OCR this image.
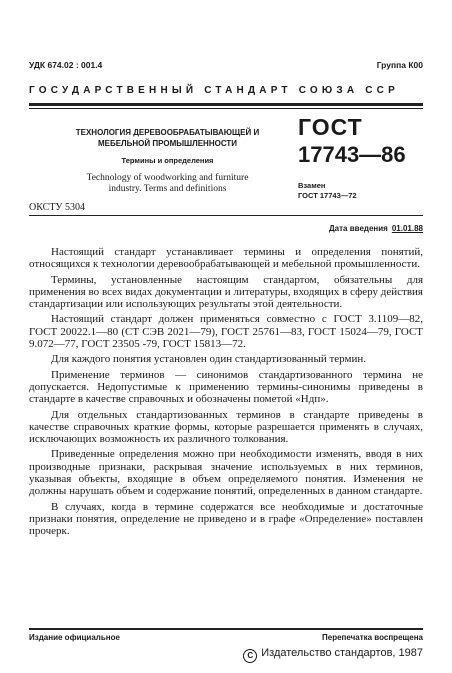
УДК 674.02 : 001.4	Группа К00
ГОСУДАРСТВЕННЫЙ СТАНДАРТ СОЮЗА ССР
ТЕХНОЛОГИЯ ДЕРЕВООБРАБАТЫВАЮЩЕЙ И
МЕБЕЛЬНОЙ ПРОМЫШЛЕННОСТИ
Термины и определения
Technology of woodworking and furniture
industry. Terms and definitions
ГОСТ
17743—86
Взамен
ГОСТ 17743—72
ОКСТУ 5304
Дата введения 01.01.88

Настоящий стандарт устанавливает термины и определения понятий, относящихся к технологии деревообрабатывающей и мебельной промышленности.

Термины, установленные настоящим стандартом, обязательны для применения во всех видах документации и литературы, входящих в сферу действия стандартизации или использующих результаты этой деятельности.

Настоящий стандарт должен применяться совместно с ГОСТ 3.1109—82, ГОСТ 20022.1—80 (СТ СЭВ 2021—79), ГОСТ 25761—83, ГОСТ 15024—79, ГОСТ 9.072—77, ГОСТ 23505 -79, ГОСТ 15813—72.

Для каждого понятия установлен один стандартизованный термин.

Применение терминов — синонимов стандартизованного термина не допускается. Недопустимые к применению термины-синонимы приведены в стандарте в качестве справочных и обозначены пометой «Ндп».

Для отдельных стандартизованных терминов в стандарте приведены в качестве справочных краткие формы, которые разрешается применять в случаях, исключающих возможность их различного толкования.

Приведенные определения можно при необходимости изменять, вводя в них производные признаки, раскрывая значение используемых в них терминов, указывая объекты, входящие в объем определяемого понятия. Изменения не должны нарушать объем и содержание понятий, определенных в данном стандарте.

В случаях, когда в термине содержатся все необходимые и достаточные признаки понятия, определение не приведено и в графе «Определение» поставлен прочерк.

Издание официальное	Перепечатка воспрещена
C Издательство стандартов, 1987
